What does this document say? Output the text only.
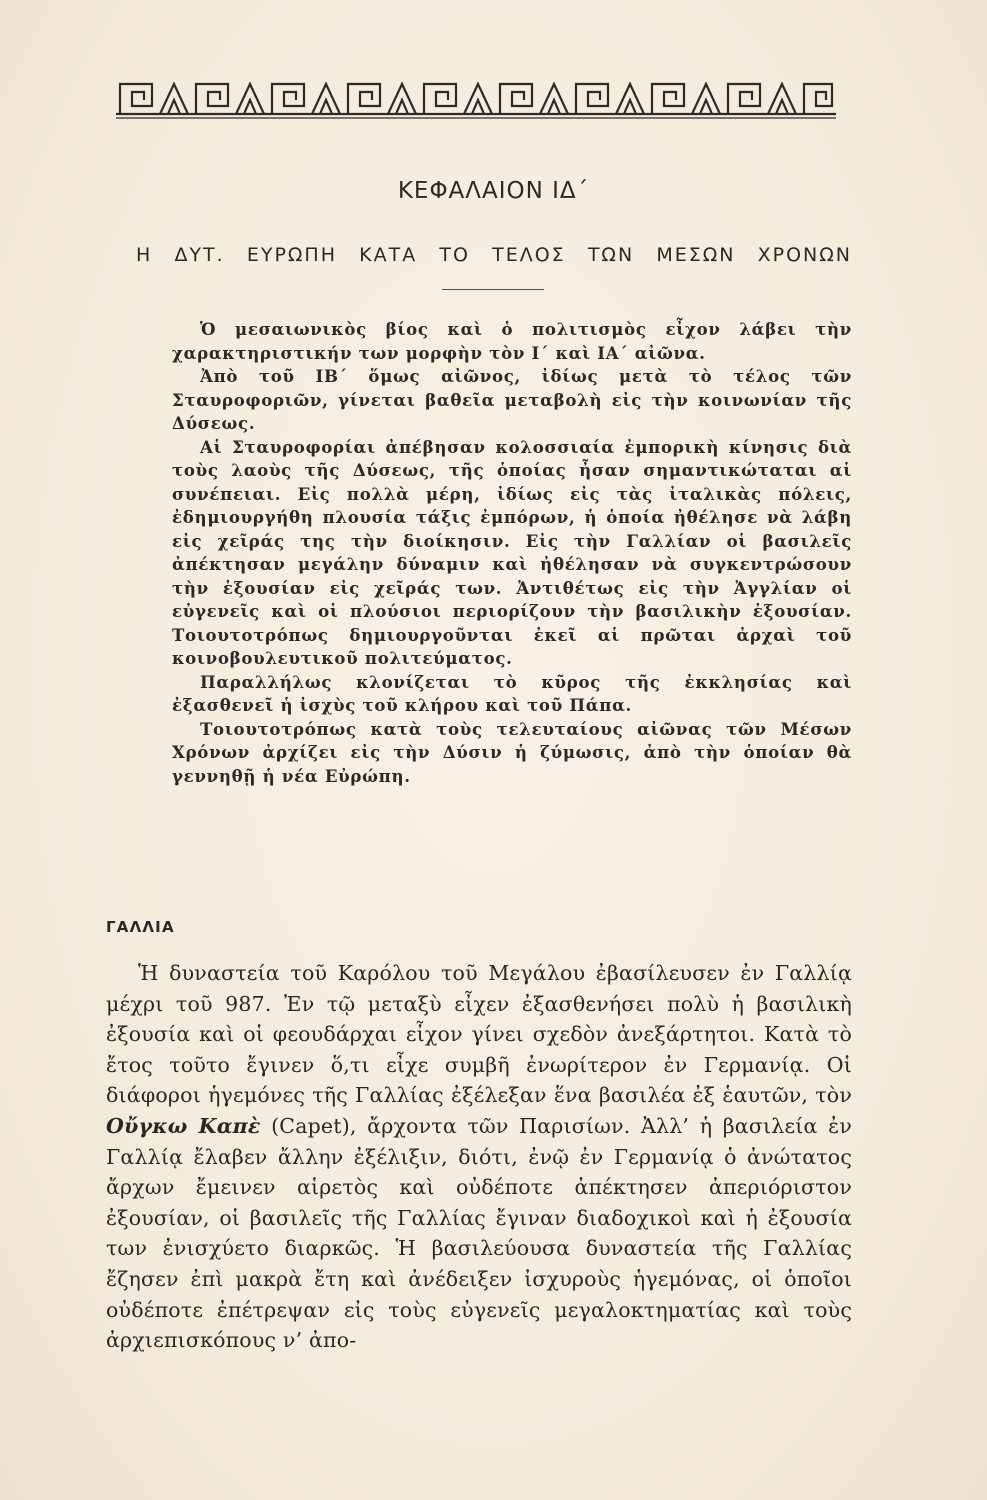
ΚΕΦΑΛΑΙΟΝ ΙΔ΄
Η ΔΥΤ. ΕΥΡΩΠΗ ΚΑΤΑ ΤΟ ΤΕΛΟΣ ΤΩΝ ΜΕΣΩΝ ΧΡΟΝΩΝ

Ὁ μεσαιωνικὸς βίος καὶ ὁ πολιτισμὸς εἶχον λάβει τὴν χαρακτηριστικήν των μορφὴν τὸν Ι΄ καὶ ΙΑ΄ αἰῶνα.

Ἀπὸ τοῦ ΙΒ΄ ὅμως αἰῶνος, ἰδίως μετὰ τὸ τέλος τῶν Σταυροφοριῶν, γίνεται βαθεῖα μεταβολὴ εἰς τὴν κοινωνίαν τῆς Δύσεως.

Αἱ Σταυροφορίαι ἀπέβησαν κολοσσιαία ἐμπορικὴ κίνησις διὰ τοὺς λαοὺς τῆς Δύσεως, τῆς ὁποίας ἦσαν σημαντικώταται αἱ συνέπειαι. Εἰς πολλὰ μέρη, ἰδίως εἰς τὰς ἰταλικὰς πόλεις, ἐδημιουργήθη πλουσία τάξις ἐμπόρων, ἡ ὁποία ἠθέλησε νὰ λάβη εἰς χεῖράς της τὴν διοίκησιν. Εἰς τὴν Γαλλίαν οἱ βασιλεῖς ἀπέκτησαν μεγάλην δύναμιν καὶ ἠθέλησαν νὰ συγκεντρώσουν τὴν ἐξουσίαν εἰς χεῖράς των. Ἀντιθέτως εἰς τὴν Ἀγγλίαν οἱ εὐγενεῖς καὶ οἱ πλούσιοι περιορίζουν τὴν βασιλικὴν ἐξουσίαν. Τοιουτοτρόπως δημιουργοῦνται ἐκεῖ αἱ πρῶται ἀρχαὶ τοῦ κοινοβουλευτικοῦ πολιτεύματος.

Παραλλήλως κλονίζεται τὸ κῦρος τῆς ἐκκλησίας καὶ ἐξασθενεῖ ἡ ἰσχὺς τοῦ κλήρου καὶ τοῦ Πάπα.

Τοιουτοτρόπως κατὰ τοὺς τελευταίους αἰῶνας τῶν Μέσων Χρόνων ἀρχίζει εἰς τὴν Δύσιν ἡ ζύμωσις, ἀπὸ τὴν ὁποίαν θὰ γεννηθῇ ἡ νέα Εὐρώπη.

ΓΑΛΛΙΑ

Ἡ δυναστεία τοῦ Καρόλου τοῦ Μεγάλου ἐβασίλευσεν ἐν Γαλλίᾳ μέχρι τοῦ 987. Ἐν τῷ μεταξὺ εἶχεν ἐξασθενήσει πολὺ ἡ βασιλικὴ ἐξουσία καὶ οἱ φεουδάρχαι εἶχον γίνει σχεδὸν ἀνεξάρτητοι. Κατὰ τὸ ἔτος τοῦτο ἔγινεν ὅ,τι εἶχε συμβῆ ἐνωρίτερον ἐν Γερμανίᾳ. Οἱ διάφοροι ἡγεμόνες τῆς Γαλλίας ἐξέλεξαν ἕνα βασιλέα ἐξ ἑαυτῶν, τὸν Οὔγκω Καπὲ (Capet), ἄρχοντα τῶν Παρισίων. Ἀλλ’ ἡ βασιλεία ἐν Γαλλίᾳ ἔλαβεν ἄλλην ἐξέλιξιν, διότι, ἐνῷ ἐν Γερμανίᾳ ὁ ἀνώτατος ἄρχων ἔμεινεν αἱρετὸς καὶ οὐδέποτε ἀπέκτησεν ἀπεριόριστον ἐξουσίαν, οἱ βασιλεῖς τῆς Γαλλίας ἔγιναν διαδοχικοὶ καὶ ἡ ἐξουσία των ἐνισχύετο διαρκῶς. Ἡ βασιλεύουσα δυναστεία τῆς Γαλλίας ἔζησεν ἐπὶ μακρὰ ἔτη καὶ ἀνέδειξεν ἰσχυροὺς ἡγεμόνας, οἱ ὁποῖοι οὐδέποτε ἐπέτρεψαν εἰς τοὺς εὐγενεῖς μεγαλοκτηματίας καὶ τοὺς ἀρχιεπισκόπους ν’ ἀπο-
